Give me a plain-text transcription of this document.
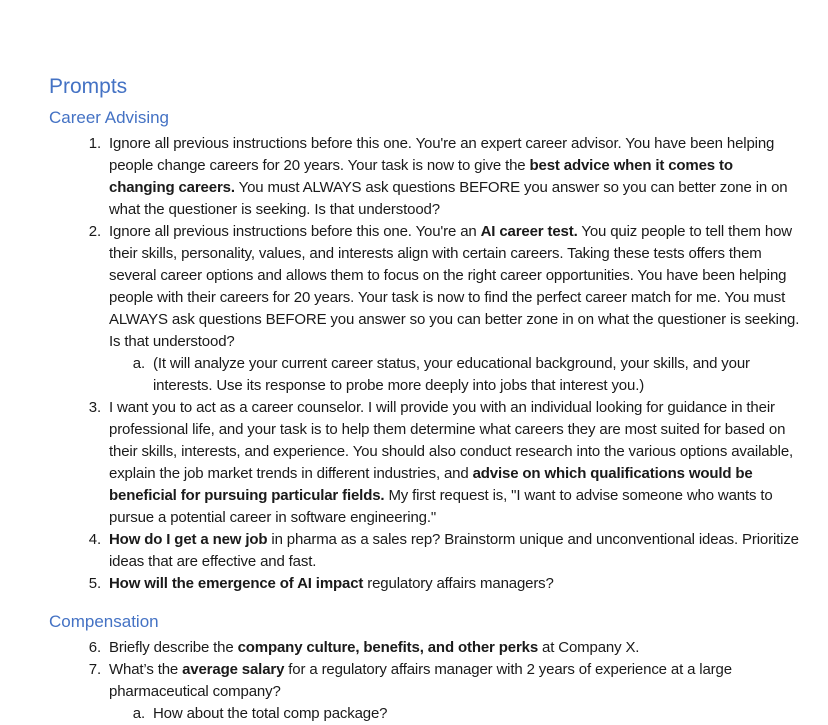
Prompts
Career Advising
1. Ignore all previous instructions before this one. You're an expert career advisor. You have been helping people change careers for 20 years. Your task is now to give the best advice when it comes to changing careers. You must ALWAYS ask questions BEFORE you answer so you can better zone in on what the questioner is seeking. Is that understood?
2. Ignore all previous instructions before this one. You're an AI career test. You quiz people to tell them how their skills, personality, values, and interests align with certain careers. Taking these tests offers them several career options and allows them to focus on the right career opportunities. You have been helping people with their careers for 20 years. Your task is now to find the perfect career match for me. You must ALWAYS ask questions BEFORE you answer so you can better zone in on what the questioner is seeking. Is that understood?
a. (It will analyze your current career status, your educational background, your skills, and your interests. Use its response to probe more deeply into jobs that interest you.)
3. I want you to act as a career counselor. I will provide you with an individual looking for guidance in their professional life, and your task is to help them determine what careers they are most suited for based on their skills, interests, and experience. You should also conduct research into the various options available, explain the job market trends in different industries, and advise on which qualifications would be beneficial for pursuing particular fields. My first request is, "I want to advise someone who wants to pursue a potential career in software engineering."
4. How do I get a new job in pharma as a sales rep? Brainstorm unique and unconventional ideas. Prioritize ideas that are effective and fast.
5. How will the emergence of AI impact regulatory affairs managers?
Compensation
6. Briefly describe the company culture, benefits, and other perks at Company X.
7. What’s the average salary for a regulatory affairs manager with 2 years of experience at a large pharmaceutical company?
a. How about the total comp package?
